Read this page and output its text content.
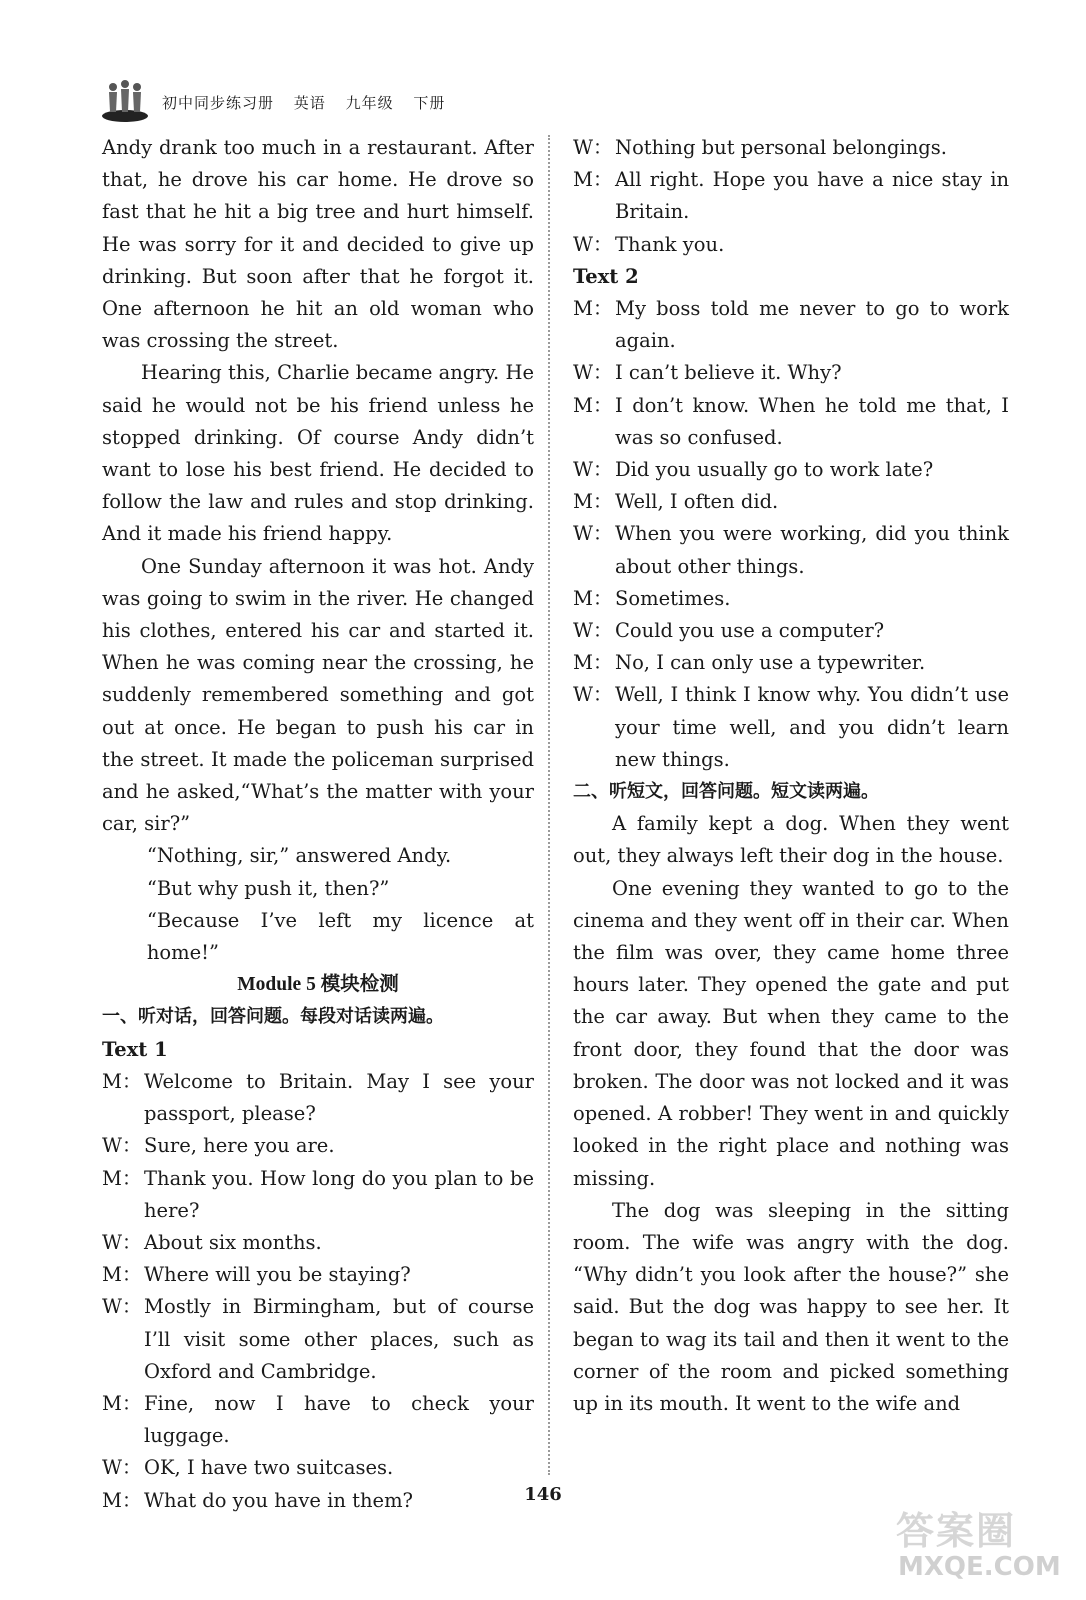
初中同步练习册 英语 九年级 下册

Andy drank too much in a restaurant. After that, he drove his car home. He drove so fast that he hit a big tree and hurt himself. He was sorry for it and decided to give up drinking. But soon after that he forgot it. One afternoon he hit an old woman who was crossing the street.

Hearing this, Charlie became angry. He said he would not be his friend unless he stopped drinking. Of course Andy didn’t want to lose his best friend. He decided to follow the law and rules and stop drinking. And it made his friend happy.

One Sunday afternoon it was hot. Andy was going to swim in the river. He changed his clothes, entered his car and started it. When he was coming near the crossing, he suddenly remembered something and got out at once. He began to push his car in the street. It made the policeman surprised and he asked,“What’s the matter with your car, sir?”

“Nothing, sir,” answered Andy.

“But why push it, then?”

“Because I’ve left my licence at home!”

Module 5 模块检测
一、听对话，回答问题。每段对话读两遍。
Text 1
M： Welcome to Britain. May I see your passport, please?
W： Sure, here you are.
M： Thank you. How long do you plan to be here?
W： About six months.
M： Where will you be staying?
W： Mostly in Birmingham, but of course I’ll visit some other places, such as Oxford and Cambridge.
M： Fine, now I have to check your luggage.
W： OK, I have two suitcases.
M： What do you have in them?
W： Nothing but personal belongings.
M： All right. Hope you have a nice stay in Britain.
W： Thank you.
Text 2
M： My boss told me never to go to work again.
W： I can’t believe it. Why?
M： I don’t know. When he told me that, I was so confused.
W： Did you usually go to work late?
M： Well, I often did.
W： When you were working, did you think about other things.
M： Sometimes.
W： Could you use a computer?
M： No, I can only use a typewriter.
W： Well, I think I know why. You didn’t use your time well, and you didn’t learn new things.
二、听短文，回答问题。短文读两遍。

A family kept a dog. When they went out, they always left their dog in the house.

One evening they wanted to go to the cinema and they went off in their car. When the film was over, they came home three hours later. They opened the gate and put the car away. But when they came to the front door, they found that the door was broken. The door was not locked and it was opened. A robber! They went in and quickly looked in the right place and nothing was missing.

The dog was sleeping in the sitting room. The wife was angry with the dog. “Why didn’t you look after the house?” she said. But the dog was happy to see her. It began to wag its tail and then it went to the corner of the room and picked something up in its mouth. It went to the wife and

146
答案圈
MXQE.COM
